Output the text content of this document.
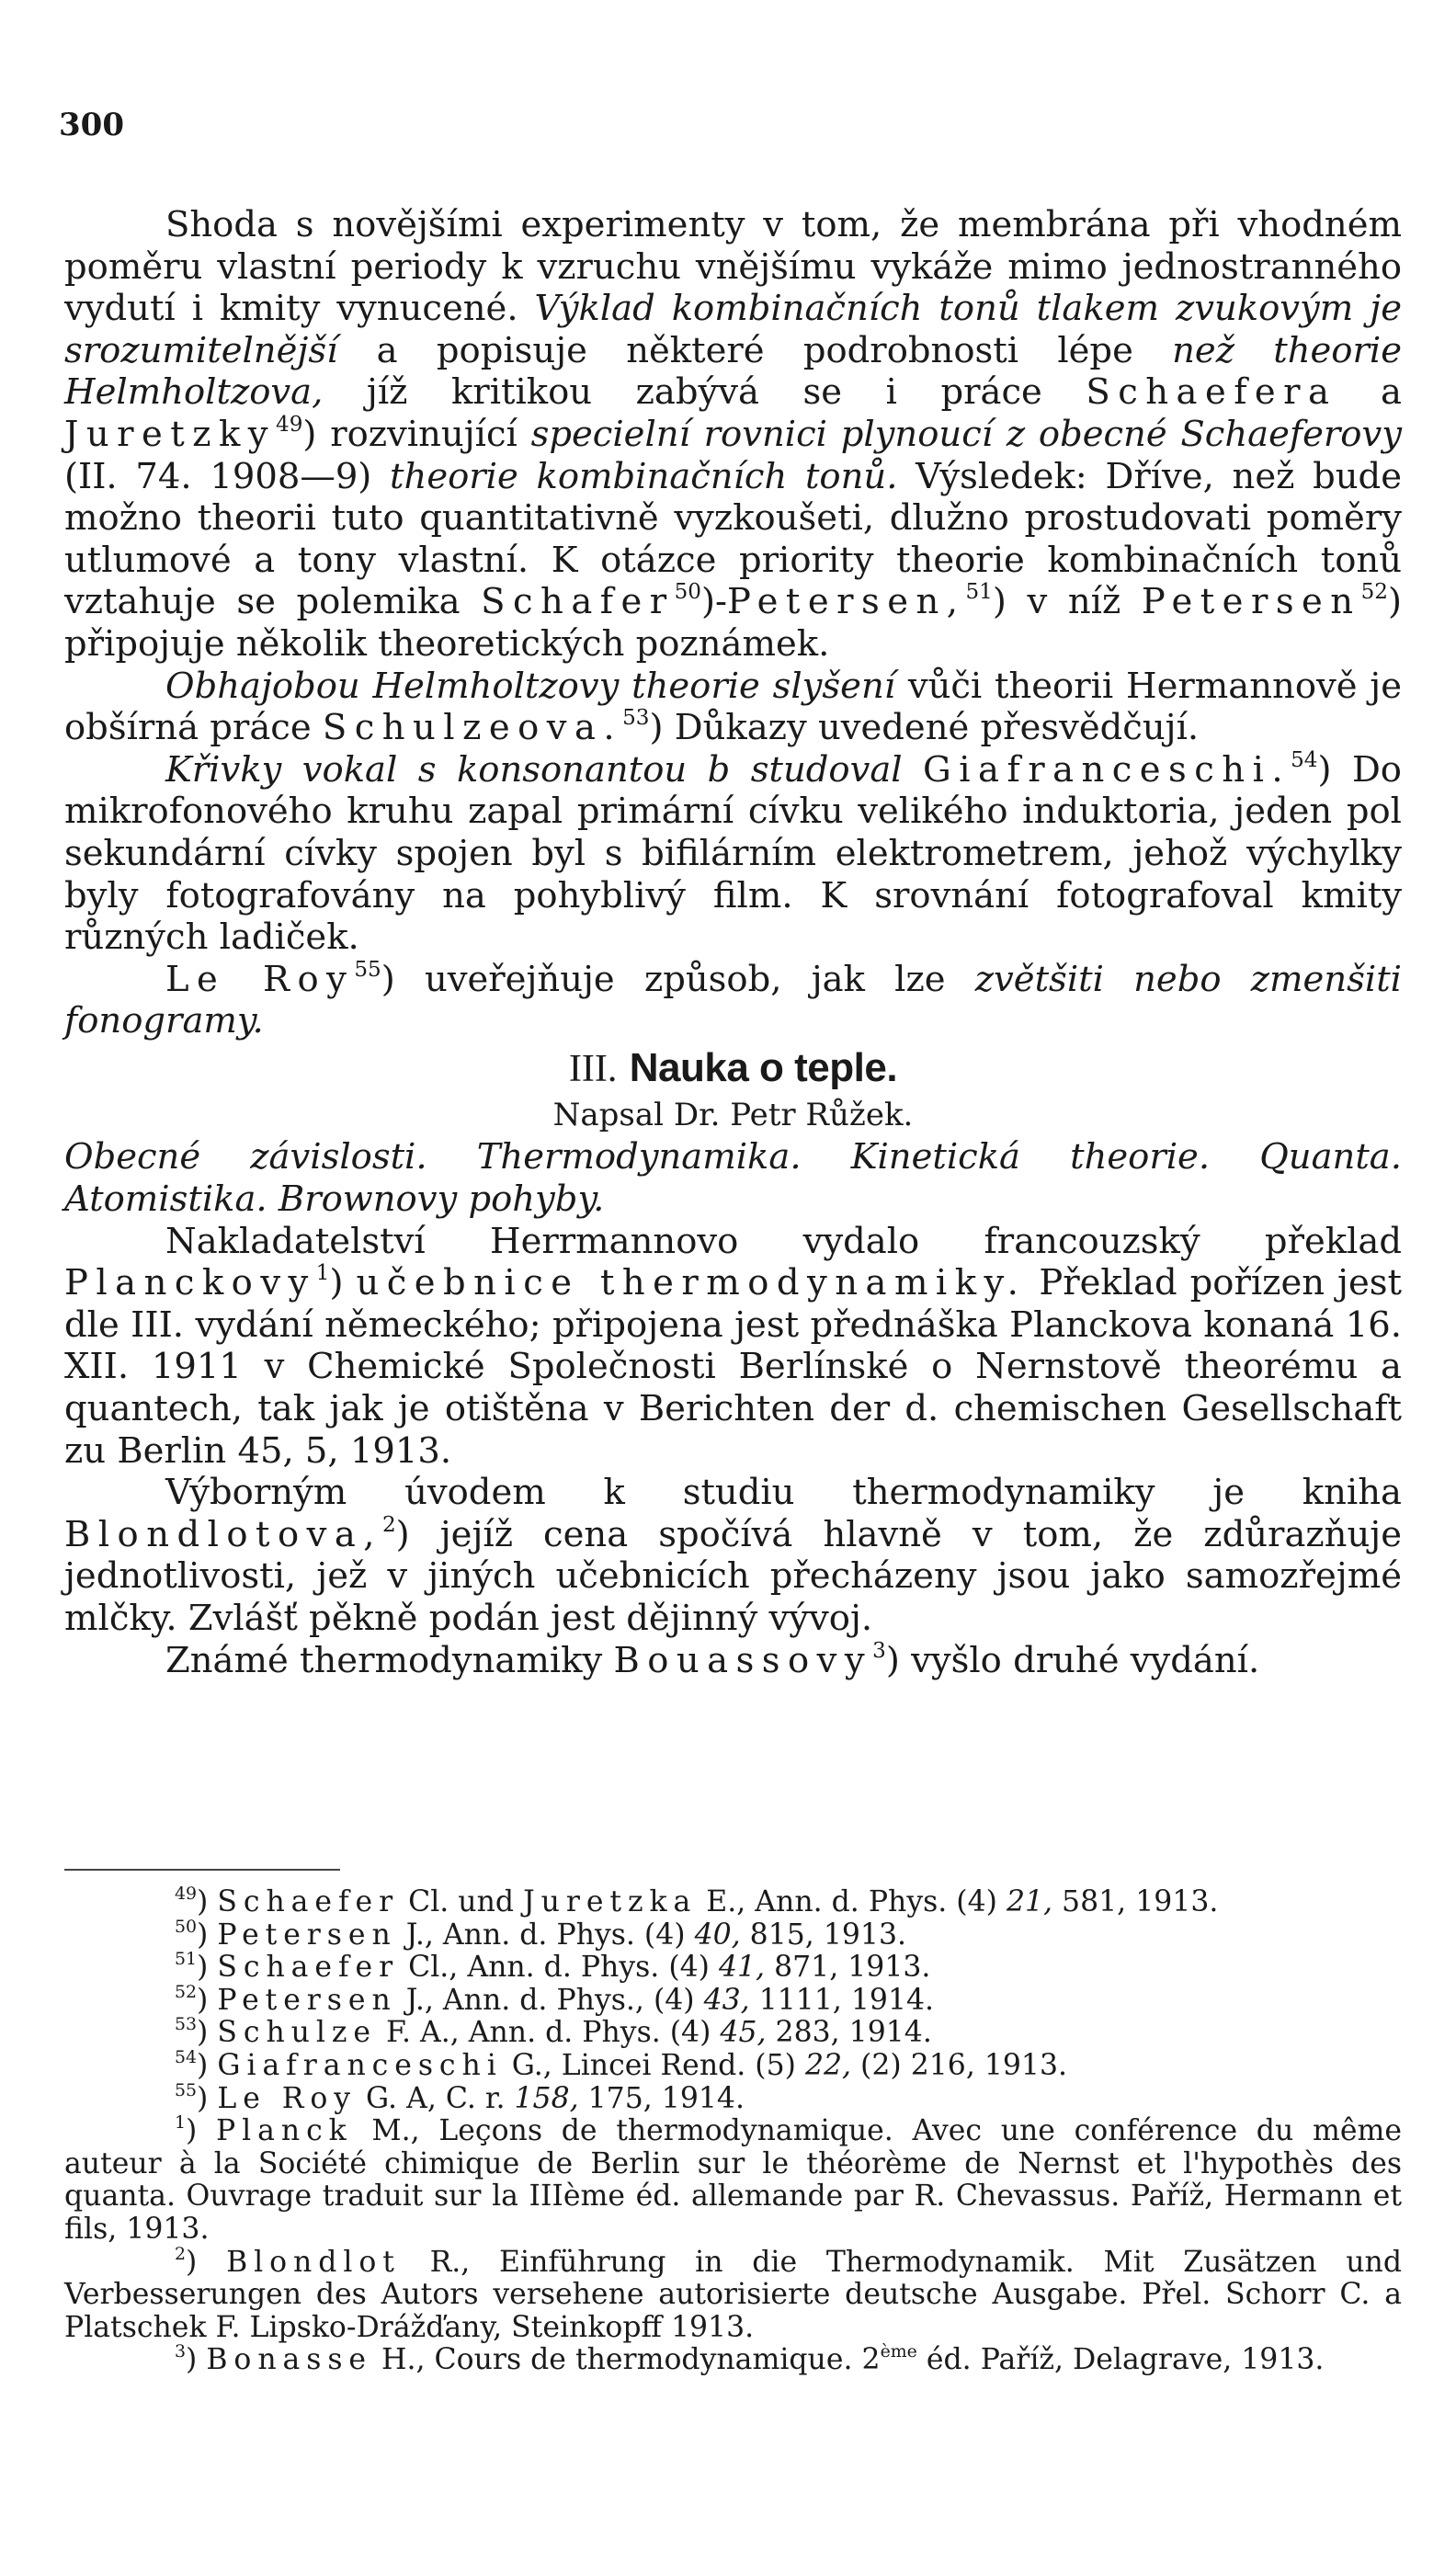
300

Shoda s novějšími experimenty v tom, že membrána při vhodném poměru vlastní periody k vzruchu vnějšímu vykáže mimo jednostranného vydutí i kmity vynucené. Výklad kombinačních tonů tlakem zvukovým je srozumitelnější a popisuje některé podrobnosti lépe než theorie Helmholtzova, jíž kritikou zabývá se i práce Schaefera a Juretzky$^{49}$) rozvinující specielní rovnici plynoucí z obecné Schaeferovy (II. 74. 1908—9) theorie kombinačních tonů. Výsledek: Dříve, než bude možno theorii tuto quantitativně vyzkoušeti, dlužno prostudovati poměry utlumové a tony vlastní. K otázce priority theorie kombinačních tonů vztahuje se polemika Schafer$^{50}$)-Petersen,$^{51}$) v níž Petersen$^{52}$) připojuje několik theoretických poznámek.

Obhajobou Helmholtzovy theorie slyšení vůči theorii Hermannově je obšírná práce Schulzeova.$^{53}$) Důkazy uvedené přesvědčují.

Křivky vokal s konsonantou b studoval Giafranceschi.$^{54}$) Do mikrofonového kruhu zapal primární cívku velikého induktoria, jeden pol sekundární cívky spojen byl s bifilárním elektrometrem, jehož výchylky byly fotografovány na pohyblivý film. K srovnání fotografoval kmity různých ladiček.

Le Roy$^{55}$) uveřejňuje způsob, jak lze zvětšiti nebo zmenšiti fonogramy.

III. Nauka o teple.

Napsal Dr. Petr Růžek.

Obecné závislosti. Thermodynamika. Kinetická theorie. Quanta. Atomistika. Brownovy pohyby.

Nakladatelství Herrmannovo vydalo francouzský překlad Planckovy$^1$) učebnice thermodynamiky. Překlad pořízen jest dle III. vydání německého; připojena jest přednáška Planckova konaná 16. XII. 1911 v Chemické Společnosti Berlínské o Nernstově theorému a quantech, tak jak je otištěna v Berichten der d. chemischen Gesellschaft zu Berlin 45, 5, 1913.

Výborným úvodem k studiu thermodynamiky je kniha Blondlotova,$^2$) jejíž cena spočívá hlavně v tom, že zdůrazňuje jednotlivosti, jež v jiných učebnicích přecházeny jsou jako samozřejmé mlčky. Zvlášť pěkně podán jest dějinný vývoj.

Známé thermodynamiky Bouassovy$^3$) vyšlo druhé vydání.

$^{49}$) Schaefer Cl. und Juretzka E., Ann. d. Phys. (4) 21, 581, 1913.

$^{50}$) Petersen J., Ann. d. Phys. (4) 40, 815, 1913.

$^{51}$) Schaefer Cl., Ann. d. Phys. (4) 41, 871, 1913.

$^{52}$) Petersen J., Ann. d. Phys., (4) 43, 1111, 1914.

$^{53}$) Schulze F. A., Ann. d. Phys. (4) 45, 283, 1914.

$^{54}$) Giafranceschi G., Lincei Rend. (5) 22, (2) 216, 1913.

$^{55}$) Le Roy G. A, C. r. 158, 175, 1914.

$^1$) Planck M., Leçons de thermodynamique. Avec une conférence du même auteur à la Société chimique de Berlin sur le théorème de Nernst et l'hypothès des quanta. Ouvrage traduit sur la IIIème éd. allemande par R. Chevassus. Paříž, Hermann et fils, 1913.

$^2$) Blondlot R., Einführung in die Thermodynamik. Mit Zusätzen und Verbesserungen des Autors versehene autorisierte deutsche Ausgabe. Přel. Schorr C. a Platschek F. Lipsko-Drážďany, Steinkopff 1913.

$^3$) Bonasse H., Cours de thermodynamique. 2ème éd. Paříž, Delagrave, 1913.
